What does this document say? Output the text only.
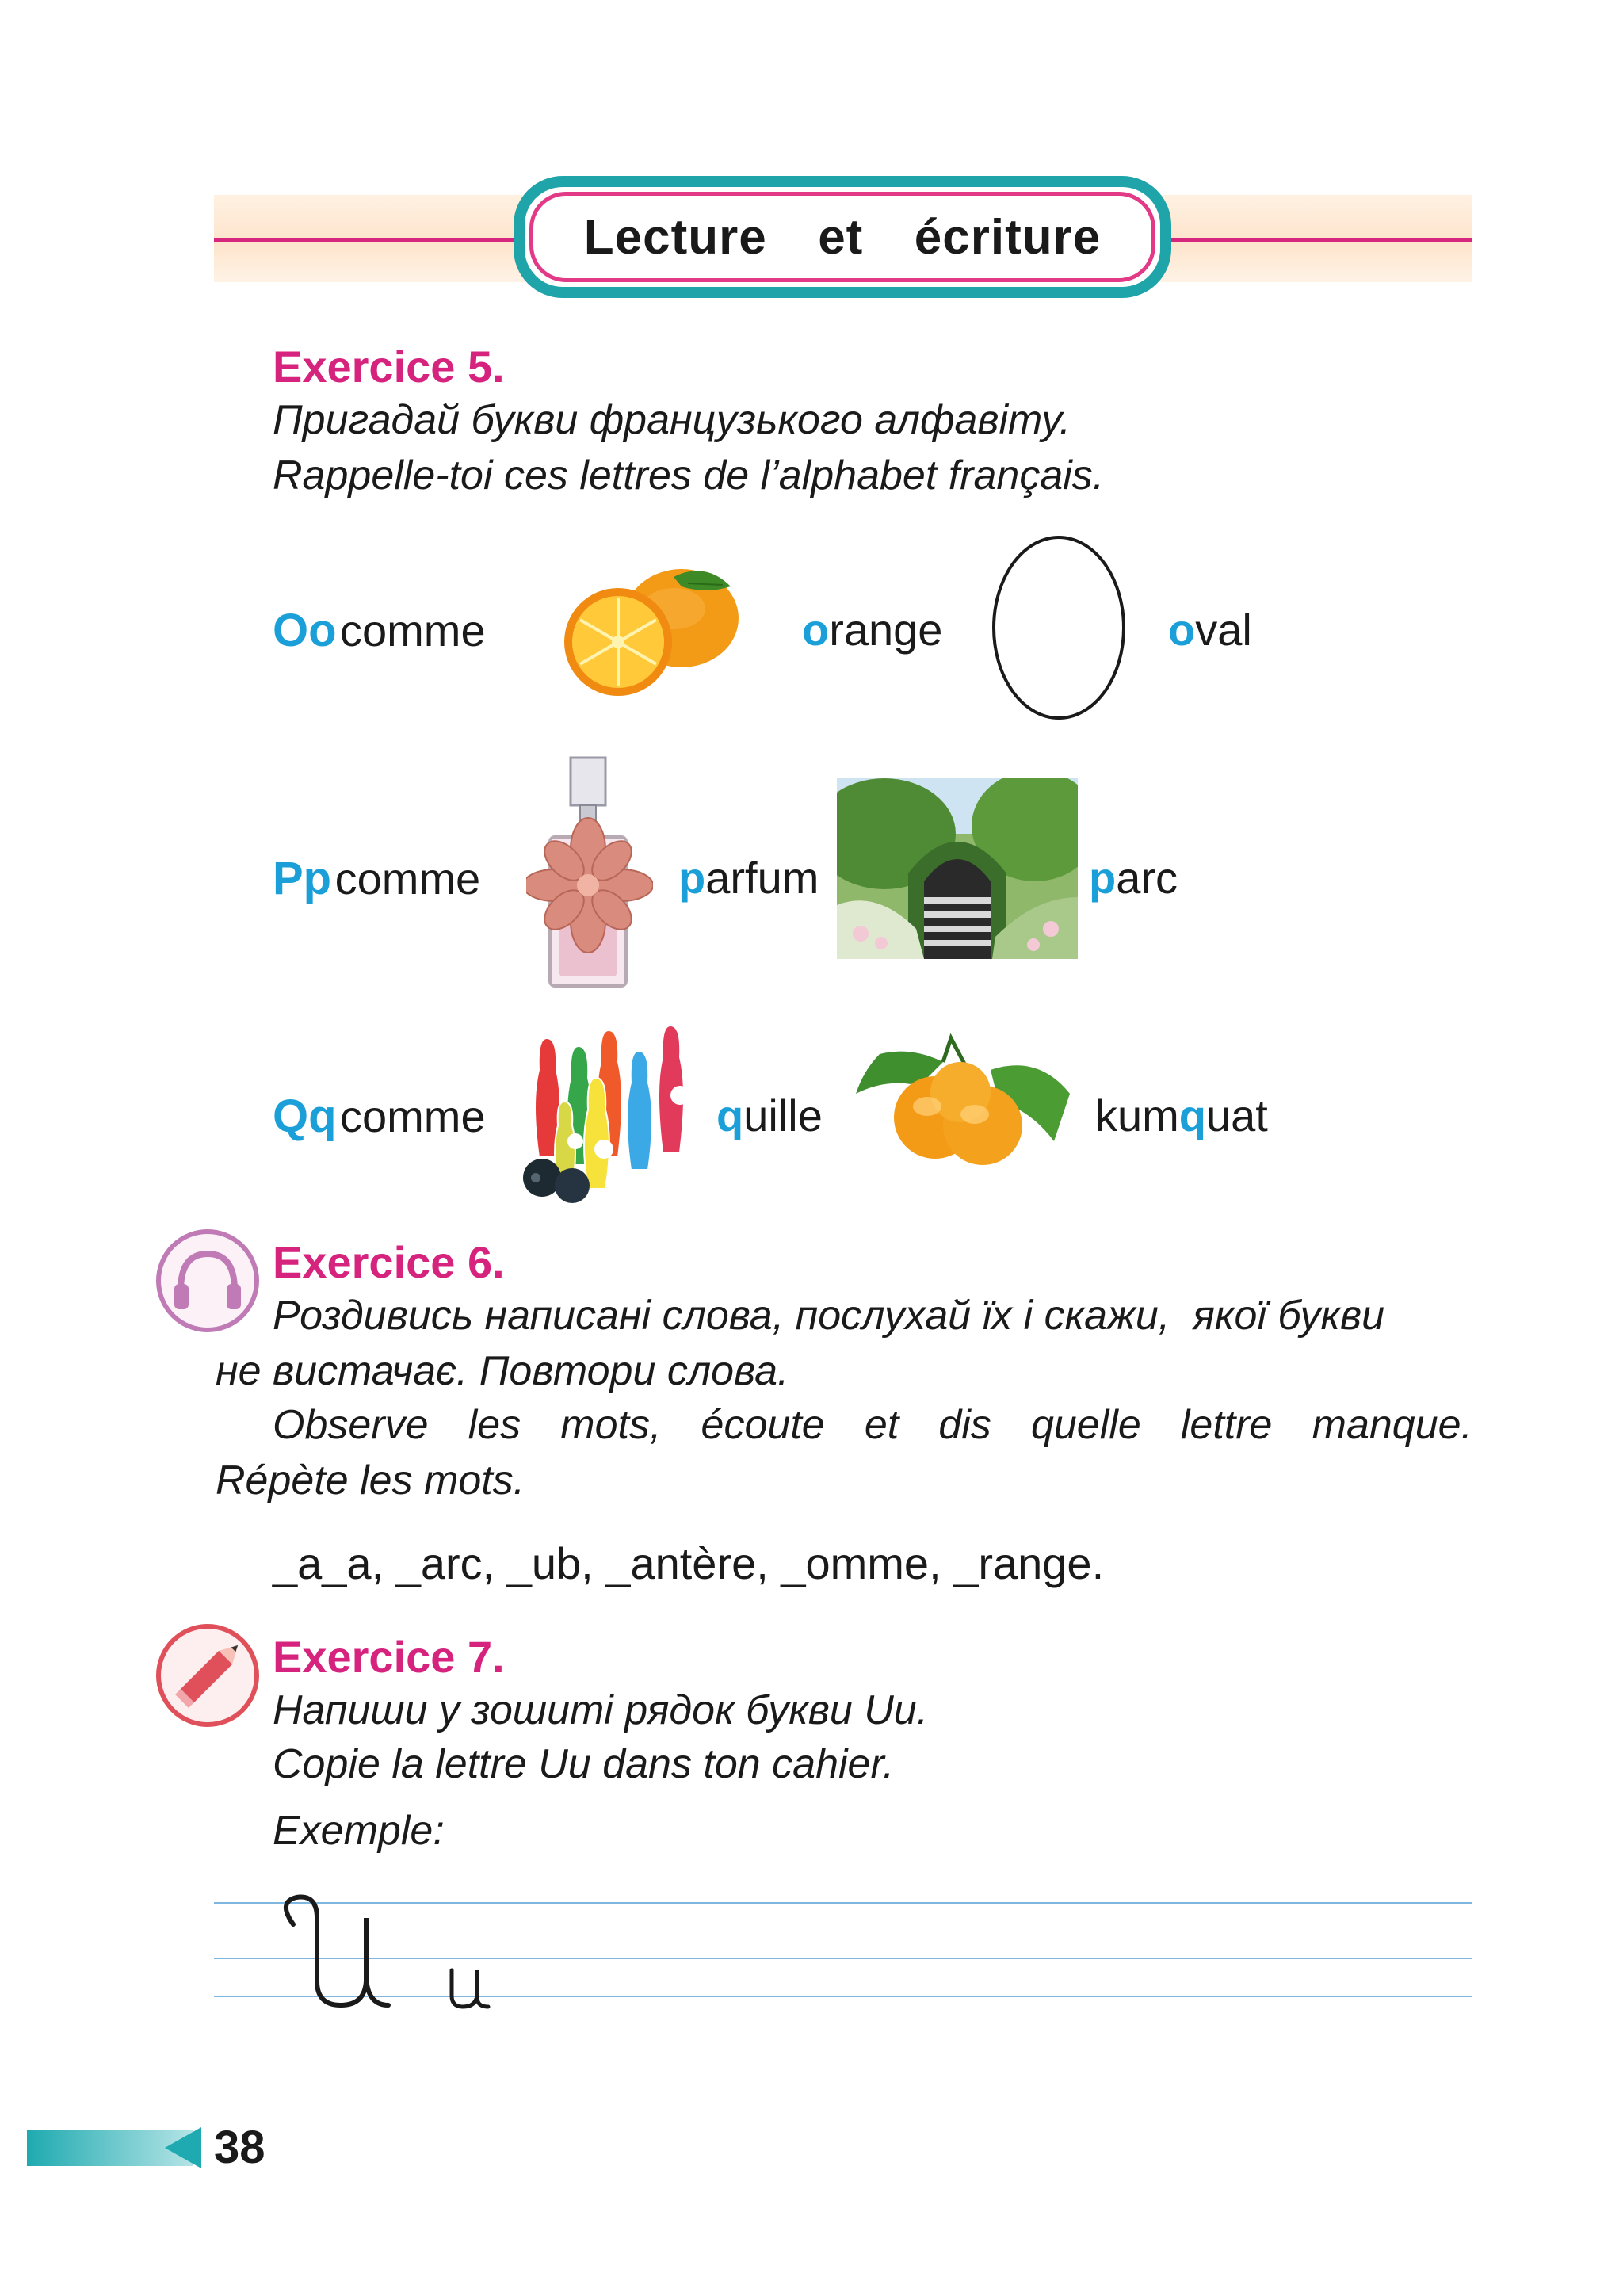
Lecture  et  écriture
Exercice 5.
Пригадай букви французького алфавіту.
Rappelle-toi ces lettres de l’alphabet français.
Oo comme	orange	oval
Pp comme	parfum	parc
Qq comme	quille	kumquat
Exercice 6.
Роздивись написані слова, послухай їх і скажи,  якої букви
не вистачає. Повтори слова.
Observe les mots, écoute et dis quelle lettre manque.
Répète les mots.
_a_a, _arc, _ub, _antère, _omme, _range.
Exercice 7.
Напиши у зошиті рядок букви Uu.
Copie la lettre Uu dans ton cahier.
Exemple:
38
